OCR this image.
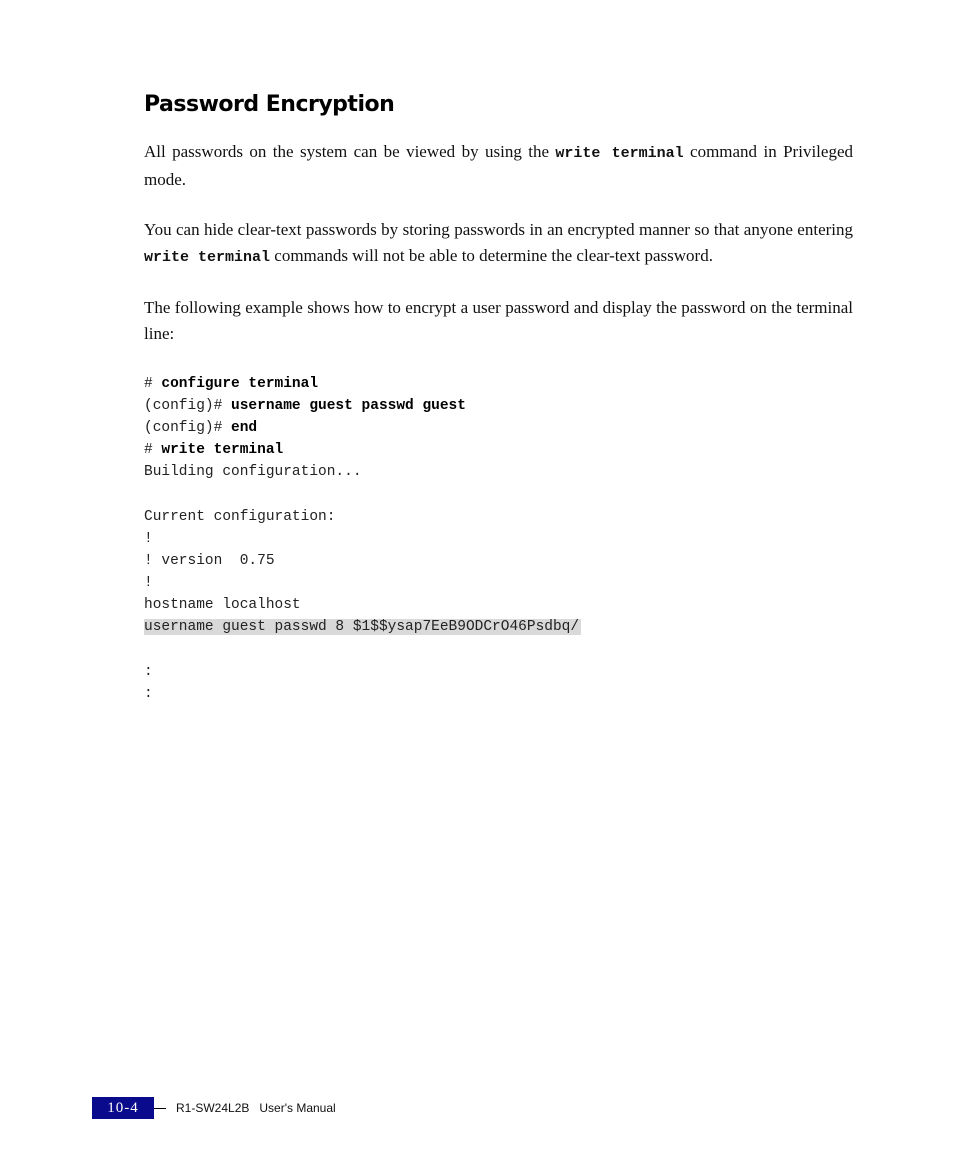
Password Encryption

All passwords on the system can be viewed by using the write terminal command in Privileged mode.

You can hide clear-text passwords by storing passwords in an encrypted manner so that anyone entering write terminal commands will not be able to determine the clear-text password.

The following example shows how to encrypt a user password and display the password on the terminal line:

# configure terminal
(config)# username guest passwd guest
(config)# end
# write terminal
Building configuration...
Current configuration:
!
! version  0.75
!
hostname localhost
username guest passwd 8 $1$$ysap7EeB9ODCrO46Psdbq/
:
:
10-4	R1-SW24L2B   User's Manual
